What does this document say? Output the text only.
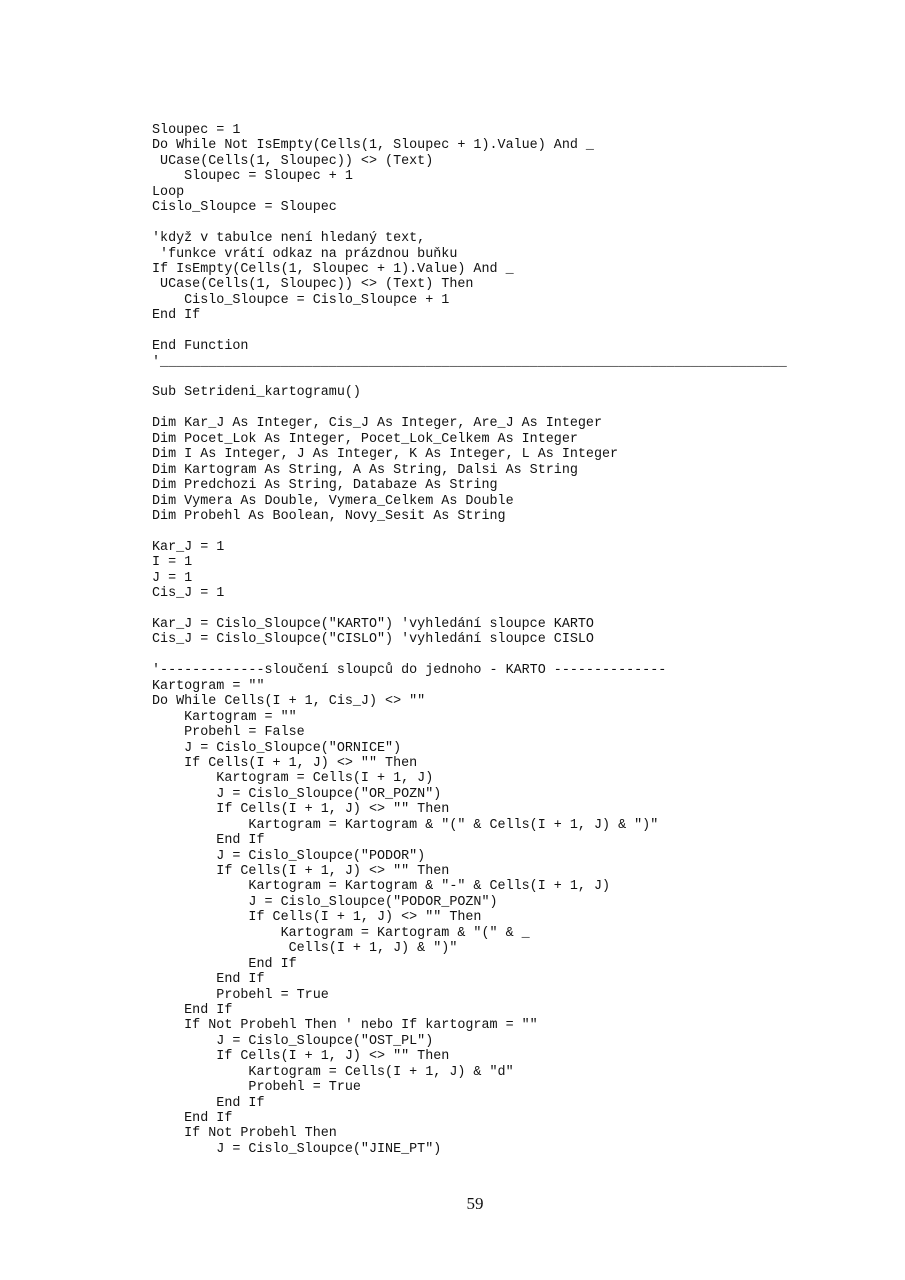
Sloupec = 1
Do While Not IsEmpty(Cells(1, Sloupec + 1).Value) And _
UCase(Cells(1, Sloupec)) <> (Text)
Sloupec = Sloupec + 1
Loop
Cislo_Sloupce = Sloupec

'když v tabulce není hledaný text,
'funkce vrátí odkaz na prázdnou buňku
If IsEmpty(Cells(1, Sloupec + 1).Value) And _
UCase(Cells(1, Sloupec)) <> (Text) Then
Cislo_Sloupce = Cislo_Sloupce + 1
End If

End Function
'______________________________________________________________________________

Sub Setrideni_kartogramu()

Dim Kar_J As Integer, Cis_J As Integer, Are_J As Integer
Dim Pocet_Lok As Integer, Pocet_Lok_Celkem As Integer
Dim I As Integer, J As Integer, K As Integer, L As Integer
Dim Kartogram As String, A As String, Dalsi As String
Dim Predchozi As String, Databaze As String
Dim Vymera As Double, Vymera_Celkem As Double
Dim Probehl As Boolean, Novy_Sesit As String

Kar_J = 1
I = 1
J = 1
Cis_J = 1

Kar_J = Cislo_Sloupce("KARTO") 'vyhledání sloupce KARTO
Cis_J = Cislo_Sloupce("CISLO") 'vyhledání sloupce CISLO

'-------------sloučení sloupců do jednoho - KARTO --------------
Kartogram = ""
Do While Cells(I + 1, Cis_J) <> ""
Kartogram = ""
Probehl = False
J = Cislo_Sloupce("ORNICE")
If Cells(I + 1, J) <> "" Then
Kartogram = Cells(I + 1, J)
J = Cislo_Sloupce("OR_POZN")
If Cells(I + 1, J) <> "" Then
Kartogram = Kartogram & "(" & Cells(I + 1, J) & ")"
End If
J = Cislo_Sloupce("PODOR")
If Cells(I + 1, J) <> "" Then
Kartogram = Kartogram & "-" & Cells(I + 1, J)
J = Cislo_Sloupce("PODOR_POZN")
If Cells(I + 1, J) <> "" Then
Kartogram = Kartogram & "(" & _
Cells(I + 1, J) & ")"
End If
End If
Probehl = True
End If
If Not Probehl Then ' nebo If kartogram = ""
J = Cislo_Sloupce("OST_PL")
If Cells(I + 1, J) <> "" Then
Kartogram = Cells(I + 1, J) & "d"
Probehl = True
End If
End If
If Not Probehl Then
J = Cislo_Sloupce("JINE_PT")
59
